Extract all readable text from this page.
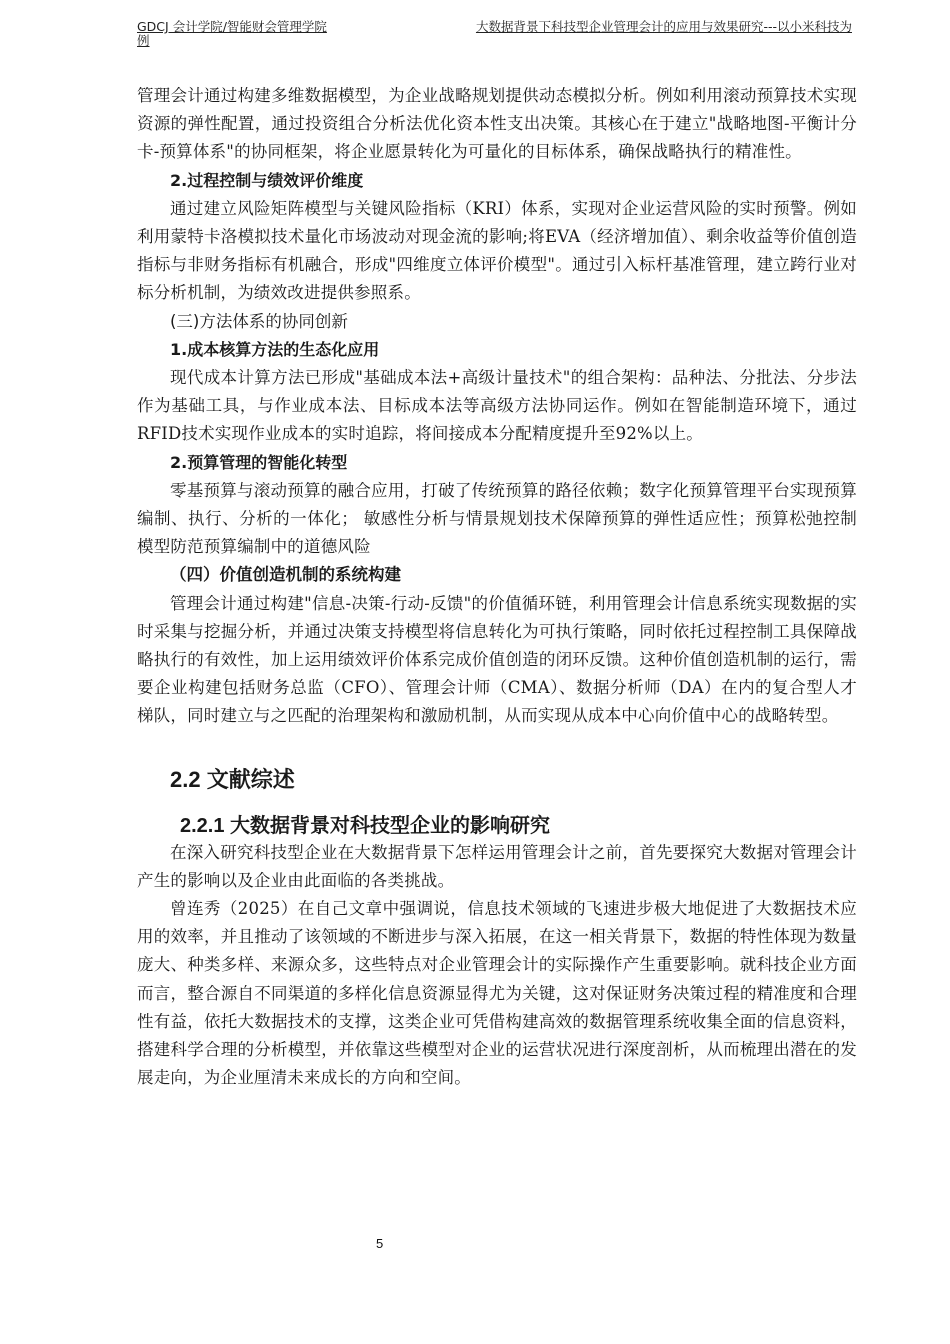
GDCJ 会计学院/智能财会管理学院	大数据背景下科技型企业管理会计的应用与效果研究---以小米科技为
例

管理会计通过构建多维数据模型，为企业战略规划提供动态模拟分析。例如利用滚动预算技术实现资源的弹性配置，通过投资组合分析法优化资本性支出决策。其核心在于建立"战略地图-平衡计分卡-预算体系"的协同框架，将企业愿景转化为可量化的目标体系，确保战略执行的精准性。

2.过程控制与绩效评价维度

通过建立风险矩阵模型与关键风险指标（KRI）体系，实现对企业运营风险的实时预警。例如利用蒙特卡洛模拟技术量化市场波动对现金流的影响;将EVA（经济增加值）、剩余收益等价值创造指标与非财务指标有机融合，形成"四维度立体评价模型"。通过引入标杆基准管理，建立跨行业对标分析机制，为绩效改进提供参照系。

(三)方法体系的协同创新

1.成本核算方法的生态化应用

现代成本计算方法已形成"基础成本法+高级计量技术"的组合架构：品种法、分批法、分步法作为基础工具，与作业成本法、目标成本法等高级方法协同运作。例如在智能制造环境下，通过RFID技术实现作业成本的实时追踪，将间接成本分配精度提升至92%以上。

2.预算管理的智能化转型

零基预算与滚动预算的融合应用，打破了传统预算的路径依赖；数字化预算管理平台实现预算编制、执行、分析的一体化； 敏感性分析与情景规划技术保障预算的弹性适应性；预算松弛控制模型防范预算编制中的道德风险

（四）价值创造机制的系统构建

管理会计通过构建"信息-决策-行动-反馈"的价值循环链，利用管理会计信息系统实现数据的实时采集与挖掘分析，并通过决策支持模型将信息转化为可执行策略，同时依托过程控制工具保障战略执行的有效性，加上运用绩效评价体系完成价值创造的闭环反馈。这种价值创造机制的运行，需要企业构建包括财务总监（CFO）、管理会计师（CMA）、数据分析师（DA）在内的复合型人才梯队，同时建立与之匹配的治理架构和激励机制，从而实现从成本中心向价值中心的战略转型。

2.2 文献综述

2.2.1 大数据背景对科技型企业的影响研究

在深入研究科技型企业在大数据背景下怎样运用管理会计之前，首先要探究大数据对管理会计产生的影响以及企业由此面临的各类挑战。

曾连秀（2025）在自己文章中强调说，信息技术领域的飞速进步极大地促进了大数据技术应用的效率，并且推动了该领域的不断进步与深入拓展，在这一相关背景下，数据的特性体现为数量庞大、种类多样、来源众多，这些特点对企业管理会计的实际操作产生重要影响。就科技企业方面而言，整合源自不同渠道的多样化信息资源显得尤为关键，这对保证财务决策过程的精准度和合理性有益，依托大数据技术的支撑，这类企业可凭借构建高效的数据管理系统收集全面的信息资料，搭建科学合理的分析模型，并依靠这些模型对企业的运营状况进行深度剖析，从而梳理出潜在的发展走向，为企业厘清未来成长的方向和空间。

5
